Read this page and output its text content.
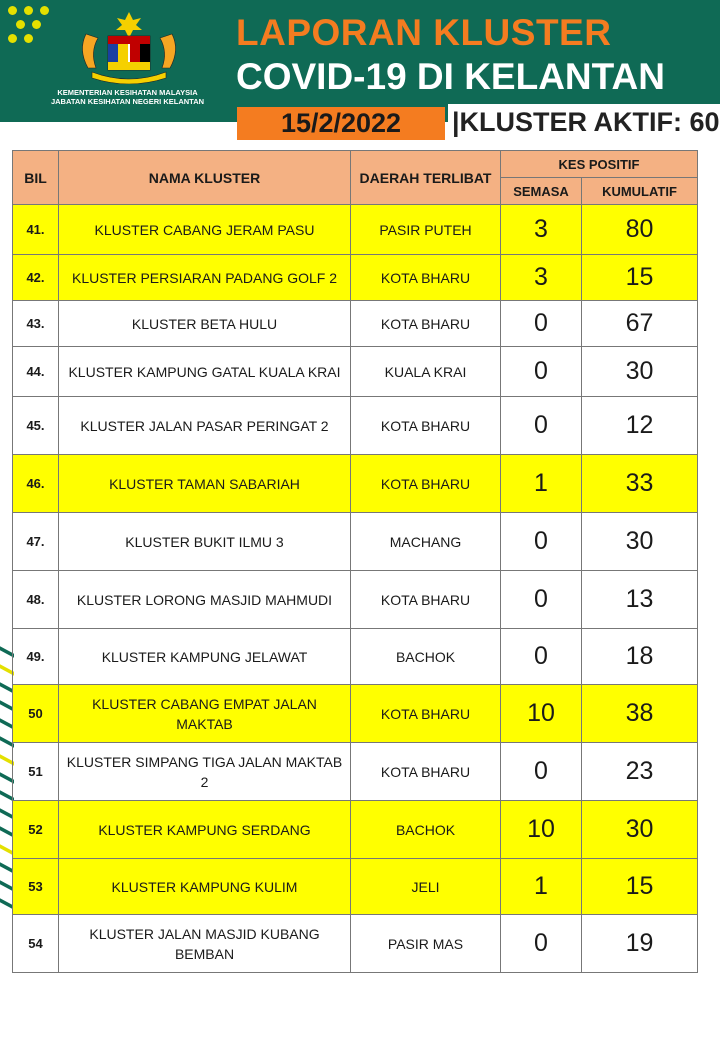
KEMENTERIAN KESIHATAN MALAYSIA
JABATAN KESIHATAN NEGERI KELANTAN
LAPORAN KLUSTER
COVID-19 DI KELANTAN
15/2/2022	|KLUSTER AKTIF: 60
BIL	NAMA KLUSTER	DAERAH TERLIBAT	KES POSITIF	
			SEMASA	KUMULATIF
41.	KLUSTER CABANG JERAM PASU	PASIR PUTEH	3	80
42.	KLUSTER PERSIARAN PADANG GOLF 2	KOTA BHARU	3	15
43.	KLUSTER BETA HULU	KOTA BHARU	0	67
44.	KLUSTER KAMPUNG GATAL KUALA KRAI	KUALA KRAI	0	30
45.	KLUSTER JALAN PASAR PERINGAT 2	KOTA BHARU	0	12
46.	KLUSTER TAMAN SABARIAH	KOTA BHARU	1	33
47.	KLUSTER BUKIT ILMU 3	MACHANG	0	30
48.	KLUSTER LORONG MASJID MAHMUDI	KOTA BHARU	0	13
49.	KLUSTER KAMPUNG JELAWAT	BACHOK	0	18
50	KLUSTER CABANG EMPAT JALAN MAKTAB	KOTA BHARU	10	38
51	KLUSTER SIMPANG TIGA JALAN MAKTAB 2	KOTA BHARU	0	23
52	KLUSTER KAMPUNG SERDANG	BACHOK	10	30
53	KLUSTER KAMPUNG KULIM	JELI	1	15
54	KLUSTER JALAN MASJID KUBANG BEMBAN	PASIR MAS	0	19
